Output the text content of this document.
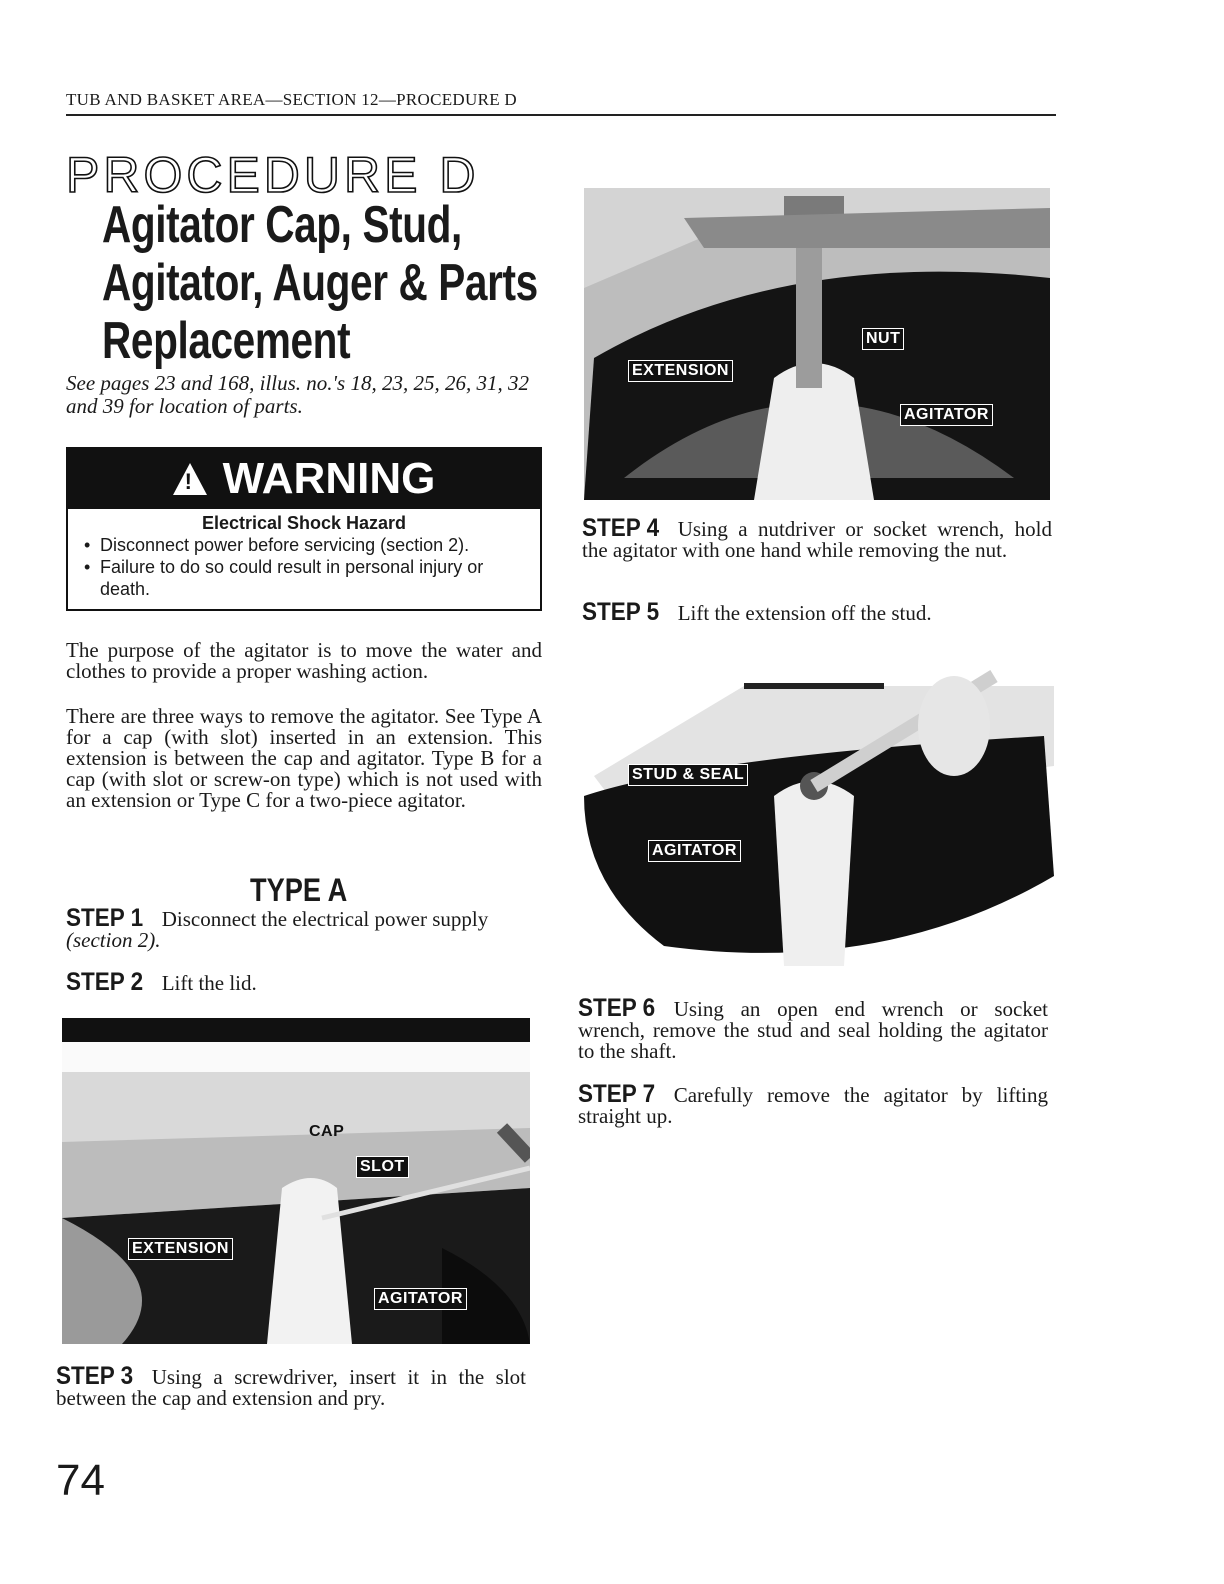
TUB AND BASKET AREA—SECTION 12—PROCEDURE D
PROCEDURE D
Agitator Cap, Stud,
Agitator, Auger & Parts
Replacement
See pages 23 and 168, illus. no.'s 18, 23, 25, 26, 31, 32 and 39 for location of parts.
! WARNING
Electrical Shock Hazard
• Disconnect power before servicing (section 2).
• Failure to do so could result in personal injury or death.

The purpose of the agitator is to move the water and clothes to provide a proper washing action.

There are three ways to remove the agitator. See Type A for a cap (with slot) inserted in an extension. This extension is between the cap and agitator. Type B for a cap (with slot or screw-on type) which is not used with an extension or Type C for a two-piece agitator.

TYPE A
STEP 1 Disconnect the electrical power supply
(section 2).
STEP 2 Lift the lid.
CAP
SLOT
EXTENSION
AGITATOR
STEP 3 Using a screwdriver, insert it in the slot between the cap and extension and pry.
74
NUT
EXTENSION
AGITATOR
STEP 4 Using a nutdriver or socket wrench, hold the agitator with one hand while removing the nut.
STEP 5 Lift the extension off the stud.
STUD & SEAL
AGITATOR
STEP 6 Using an open end wrench or socket wrench, remove the stud and seal holding the agitator to the shaft.
STEP 7 Carefully remove the agitator by lifting straight up.
